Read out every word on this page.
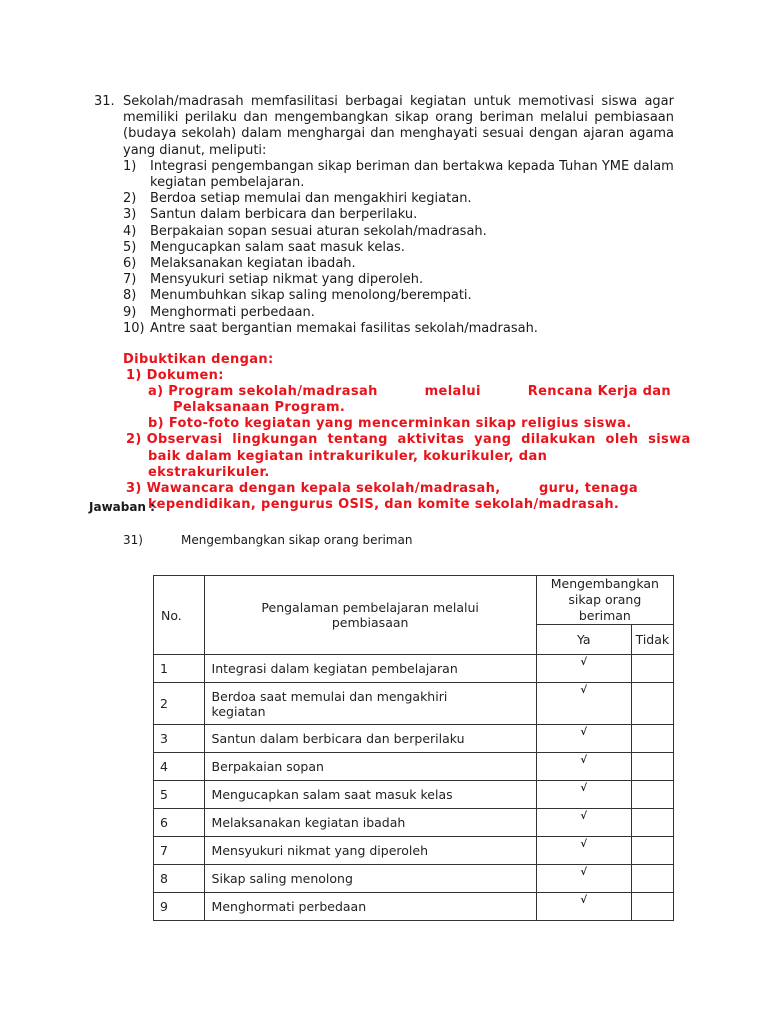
31. Sekolah/madrasah memfasilitasi berbagai kegiatan untuk memotivasi siswa agar memiliki perilaku dan mengembangkan sikap orang beriman melalui pembiasaan (budaya sekolah) dalam menghargai dan menghayati sesuai dengan ajaran agama yang dianut, meliputi:
1) Integrasi pengembangan sikap beriman dan bertakwa kepada Tuhan YME dalam kegiatan pembelajaran.
2) Berdoa setiap memulai dan mengakhiri kegiatan.
3) Santun dalam berbicara dan berperilaku.
4) Berpakaian sopan sesuai aturan sekolah/madrasah.
5) Mengucapkan salam saat masuk kelas.
6) Melaksanakan kegiatan ibadah.
7) Mensyukuri setiap nikmat yang diperoleh.
8) Menumbuhkan sikap saling menolong/berempati.
9) Menghormati perbedaan.
10) Antre saat bergantian memakai fasilitas sekolah/madrasah.
Dibuktikan dengan:
1) Dokumen:
a) Program sekolah/madrasah	melalui	Rencana Kerja dan
Pelaksanaan Program.
b) Foto-foto kegiatan yang mencerminkan sikap religius siswa.
2) Observasi  lingkungan  tentang  aktivitas  yang  dilakukan  oleh  siswa
baik dalam kegiatan intrakurikuler, kokurikuler, dan ekstrakurikuler.
3) Wawancara dengan kepala sekolah/madrasah,	guru, tenaga
kependidikan, pengurus OSIS, dan komite sekolah/madrasah.
Jawaban :
31)	Mengembangkan sikap orang beriman
No.	Pengalaman pembelajaran melalui pembiasaan	Mengembangkan sikap orang beriman	
		Ya	Tidak
1	Integrasi dalam kegiatan pembelajaran	√	
2	Berdoa saat memulai dan mengakhiri kegiatan	√	
3	Santun dalam berbicara dan berperilaku	√	
4	Berpakaian sopan	√	
5	Mengucapkan salam saat masuk kelas	√	
6	Melaksanakan kegiatan ibadah	√	
7	Mensyukuri nikmat yang diperoleh	√	
8	Sikap saling menolong	√	
9	Menghormati perbedaan	√	
